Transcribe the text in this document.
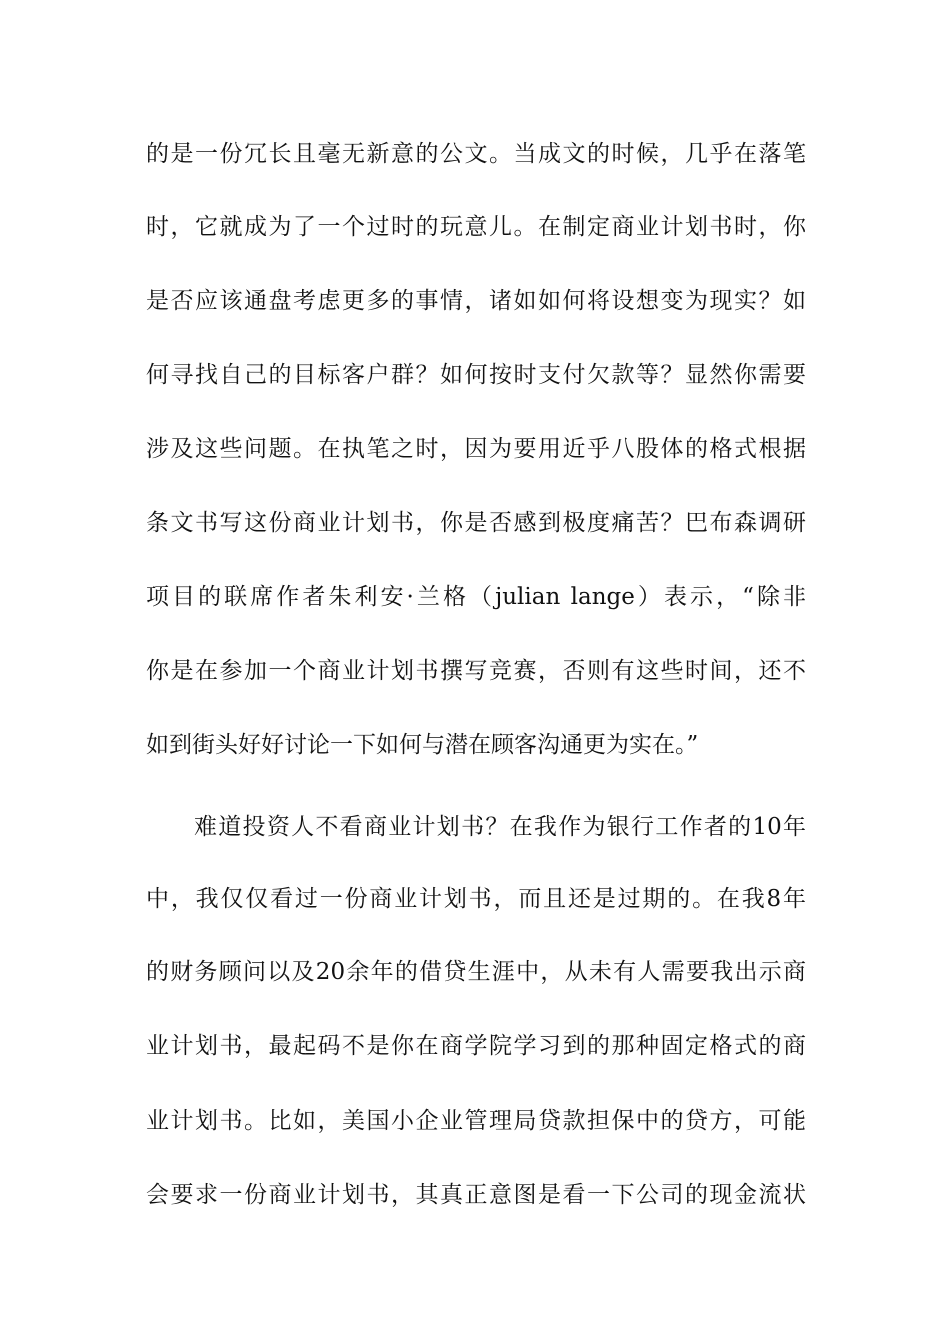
的是一份冗长且毫无新意的公文。当成文的时候，几乎在落笔
时，它就成为了一个过时的玩意儿。在制定商业计划书时，你
是否应该通盘考虑更多的事情，诸如如何将设想变为现实？如
何寻找自己的目标客户群？如何按时支付欠款等？显然你需要
涉及这些问题。在执笔之时，因为要用近乎八股体的格式根据
条文书写这份商业计划书，你是否感到极度痛苦？巴布森调研
项目的联席作者朱利安·兰格（julian lange）表示，“除非
你是在参加一个商业计划书撰写竞赛，否则有这些时间，还不
如到街头好好讨论一下如何与潜在顾客沟通更为实在。”
难道投资人不看商业计划书？在我作为银行工作者的10年
中，我仅仅看过一份商业计划书，而且还是过期的。在我8年
的财务顾问以及20余年的借贷生涯中，从未有人需要我出示商
业计划书，最起码不是你在商学院学习到的那种固定格式的商
业计划书。比如，美国小企业管理局贷款担保中的贷方，可能
会要求一份商业计划书，其真正意图是看一下公司的现金流状
